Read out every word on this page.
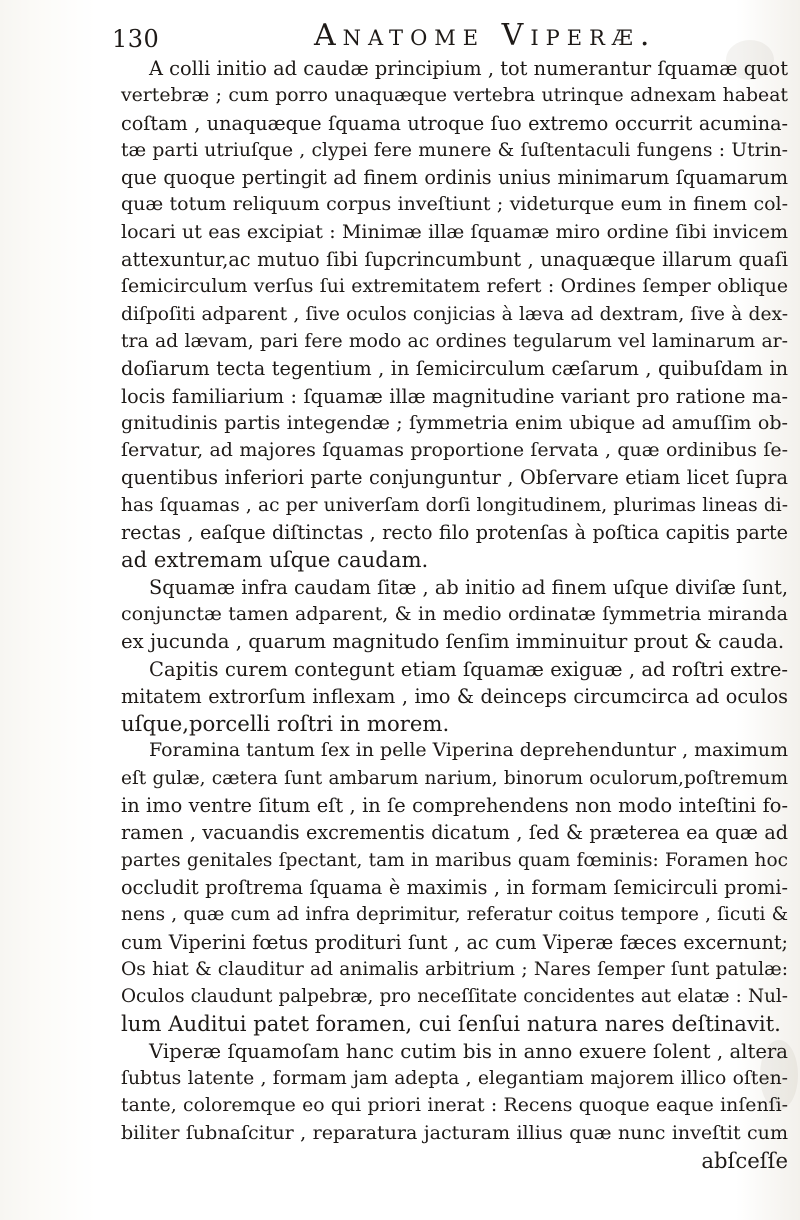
130	Anatome Viperæ.
A colli initio ad caudæ principium , tot numerantur ſquamæ quot
vertebræ ; cum porro unaquæque vertebra utrinque adnexam habeat
coſtam , unaquæque ſquama utroque ſuo extremo occurrit acumina-
tæ parti utriuſque , clypei fere munere & ſuſtentaculi fungens : Utrin-
que quoque pertingit ad finem ordinis unius minimarum ſquamarum
quæ totum reliquum corpus inveſtiunt ; videturque eum in finem col-
locari ut eas excipiat : Minimæ illæ ſquamæ miro ordine ſibi invicem
attexuntur,ac mutuo ſibi ſupcrincumbunt , unaquæque illarum quaſi
ſemicirculum verſus ſui extremitatem refert : Ordines ſemper oblique
diſpoſiti adparent , ſive oculos conjicias à læva ad dextram, ſive à dex-
tra ad lævam, pari fere modo ac ordines tegularum vel laminarum ar-
doſiarum tecta tegentium , in ſemicirculum cæſarum , quibuſdam in
locis familiarium : ſquamæ illæ magnitudine variant pro ratione ma-
gnitudinis partis integendæ ; ſymmetria enim ubique ad amuſſim ob-
ſervatur, ad majores ſquamas proportione ſervata , quæ ordinibus ſe-
quentibus inferiori parte conjunguntur , Obſervare etiam licet ſupra
has ſquamas , ac per univerſam dorſi longitudinem, plurimas lineas di-
rectas , eaſque diſtinctas , recto filo protenſas à poſtica capitis parte
ad extremam uſque caudam.
Squamæ infra caudam ſitæ , ab initio ad finem uſque diviſæ ſunt,
conjunctæ tamen adparent, & in medio ordinatæ ſymmetria miranda
ex jucunda , quarum magnitudo ſenſim imminuitur prout & cauda.
Capitis curem contegunt etiam ſquamæ exiguæ , ad roſtri extre-
mitatem extrorſum inflexam , imo & deinceps circumcirca ad oculos
uſque,porcelli roſtri in morem.
Foramina tantum ſex in pelle Viperina deprehenduntur , maximum
eſt gulæ, cætera ſunt ambarum narium, binorum oculorum,poſtremum
in imo ventre ſitum eſt , in ſe comprehendens non modo inteſtini fo-
ramen , vacuandis excrementis dicatum , ſed & præterea ea quæ ad
partes genitales ſpectant, tam in maribus quam fœminis: Foramen hoc
occludit proſtrema ſquama è maximis , in formam ſemicirculi promi-
nens , quæ cum ad infra deprimitur, referatur coitus tempore , ſicuti &
cum Viperini fœtus prodituri ſunt , ac cum Viperæ fæces excernunt;
Os hiat & clauditur ad animalis arbitrium ; Nares ſemper ſunt patulæ:
Oculos claudunt palpebræ, pro neceſſitate concidentes aut elatæ : Nul-
lum Auditui patet foramen, cui ſenſui natura nares deſtinavit.
Viperæ ſquamoſam hanc cutim bis in anno exuere ſolent , altera
ſubtus latente , formam jam adepta , elegantiam majorem illico oſten-
tante, coloremque eo qui priori inerat : Recens quoque eaque inſenſi-
biliter ſubnaſcitur , reparatura jacturam illius quæ nunc inveſtit cum
abſceſſe
